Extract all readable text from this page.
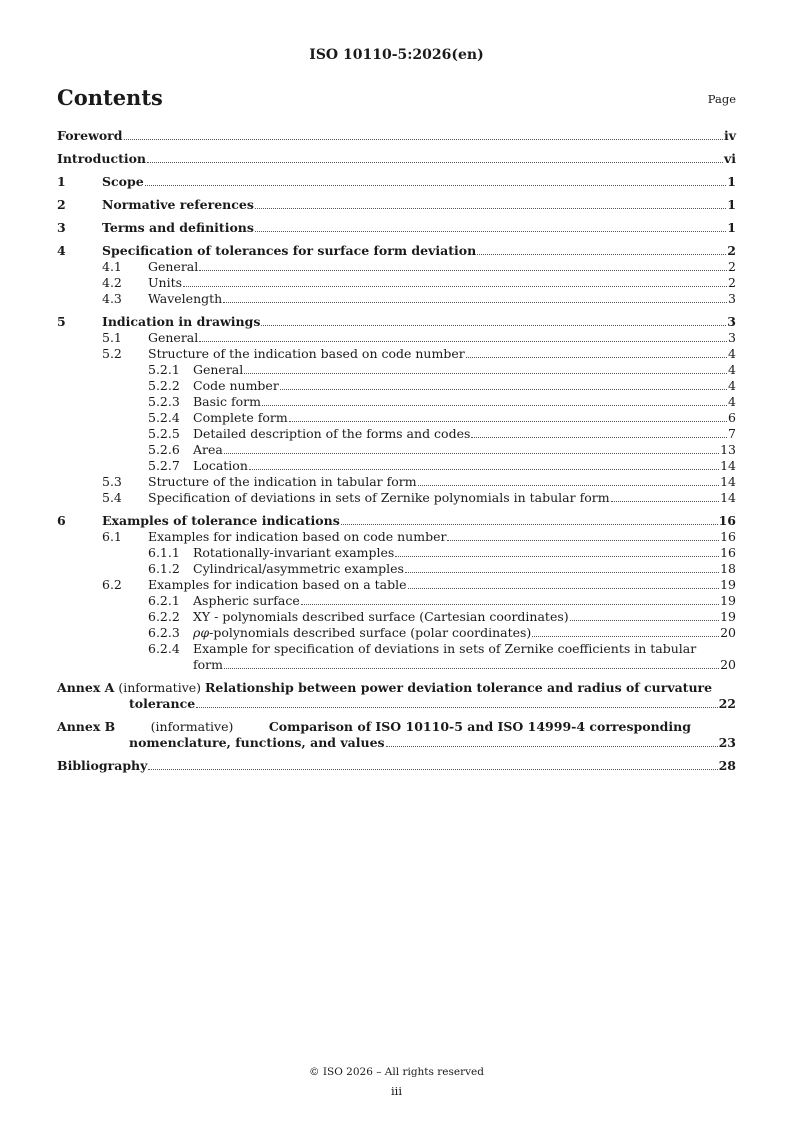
ISO 10110-5:2026(en)
Contents	Page
Foreword	iv
Introduction	vi
1	Scope	1
2	Normative references	1
3	Terms and definitions	1
4	Specification of tolerances for surface form deviation	2
4.1	General	2
4.2	Units	2
4.3	Wavelength	3
5	Indication in drawings	3
5.1	General	3
5.2	Structure of the indication based on code number	4
5.2.1	General	4
5.2.2	Code number	4
5.2.3	Basic form	4
5.2.4	Complete form	6
5.2.5	Detailed description of the forms and codes	7
5.2.6	Area	13
5.2.7	Location	14
5.3	Structure of the indication in tabular form	14
5.4	Specification of deviations in sets of Zernike polynomials in tabular form	14
6	Examples of tolerance indications	16
6.1	Examples for indication based on code number	16
6.1.1	Rotationally-invariant examples	16
6.1.2	Cylindrical/asymmetric examples	18
6.2	Examples for indication based on a table	19
6.2.1	Aspheric surface	19
6.2.2	XY - polynomials described surface (Cartesian coordinates)	19
6.2.3	ρφ-polynomials described surface (polar coordinates)	20
6.2.4	Example for specification of deviations in sets of Zernike coefficients in tabular
form	20
Annex A (informative) Relationship between power deviation tolerance and radius of curvature
tolerance	22
Annex B	(informative)	Comparison of ISO 10110-5 and ISO 14999-4 corresponding
nomenclature, functions, and values	23
Bibliography	28
© ISO 2026 – All rights reserved
iii
